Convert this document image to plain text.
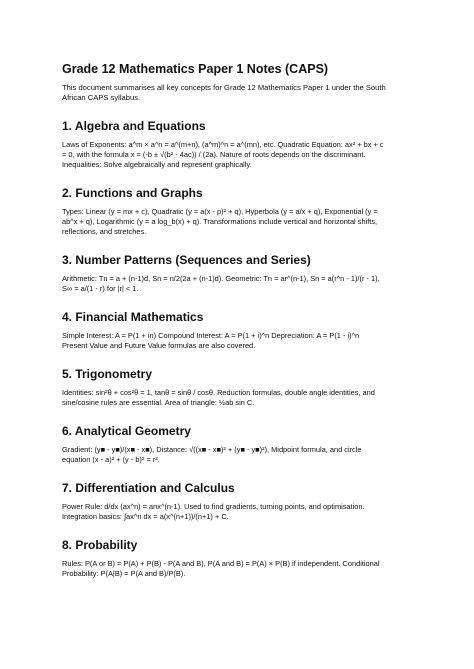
Grade 12 Mathematics Paper 1 Notes (CAPS)

This document summarises all key concepts for Grade 12 Mathematics Paper 1 under the South
African CAPS syllabus.

1. Algebra and Equations

Laws of Exponents: a^m × a^n = a^(m+n), (a^m)^n = a^(mn), etc. Quadratic Equation: ax² + bx + c
= 0, with the formula x = (-b ± √(b² - 4ac)) / (2a). Nature of roots depends on the discriminant.
Inequalities: Solve algebraically and represent graphically.

2. Functions and Graphs

Types: Linear (y = mx + c), Quadratic (y = a(x - p)² + q), Hyperbola (y = a/x + q), Exponential (y =
ab^x + q), Logarithmic (y = a log_b(x) + q). Transformations include vertical and horizontal shifts,
reflections, and stretches.

3. Number Patterns (Sequences and Series)

Arithmetic: Tn = a + (n-1)d, Sn = n/2(2a + (n-1)d). Geometric: Tn = ar^(n-1), Sn = a(r^n - 1)/(r - 1),
S∞ = a/(1 - r) for |r| < 1.

4. Financial Mathematics

Simple Interest: A = P(1 + in) Compound Interest: A = P(1 + i)^n Depreciation: A = P(1 - i)^n
Present Value and Future Value formulas are also covered.

5. Trigonometry

Identities: sin²θ + cos²θ = 1, tanθ = sinθ / cosθ. Reduction formulas, double angle identities, and
sine/cosine rules are essential. Area of triangle: ½ab sin C.

6. Analytical Geometry

Gradient: (y■ - y■)/(x■ - x■), Distance: √((x■ - x■)² + (y■ - y■)²), Midpoint formula, and circle
equation (x - a)² + (y - b)² = r².

7. Differentiation and Calculus

Power Rule: d/dx (ax^n) = anx^(n-1). Used to find gradients, turning points, and optimisation.
Integration basics: ∫ax^n dx = a(x^(n+1))/(n+1) + C.

8. Probability

Rules: P(A or B) = P(A) + P(B) - P(A and B), P(A and B) = P(A) × P(B) if independent. Conditional
Probability: P(A|B) = P(A and B)/P(B).
